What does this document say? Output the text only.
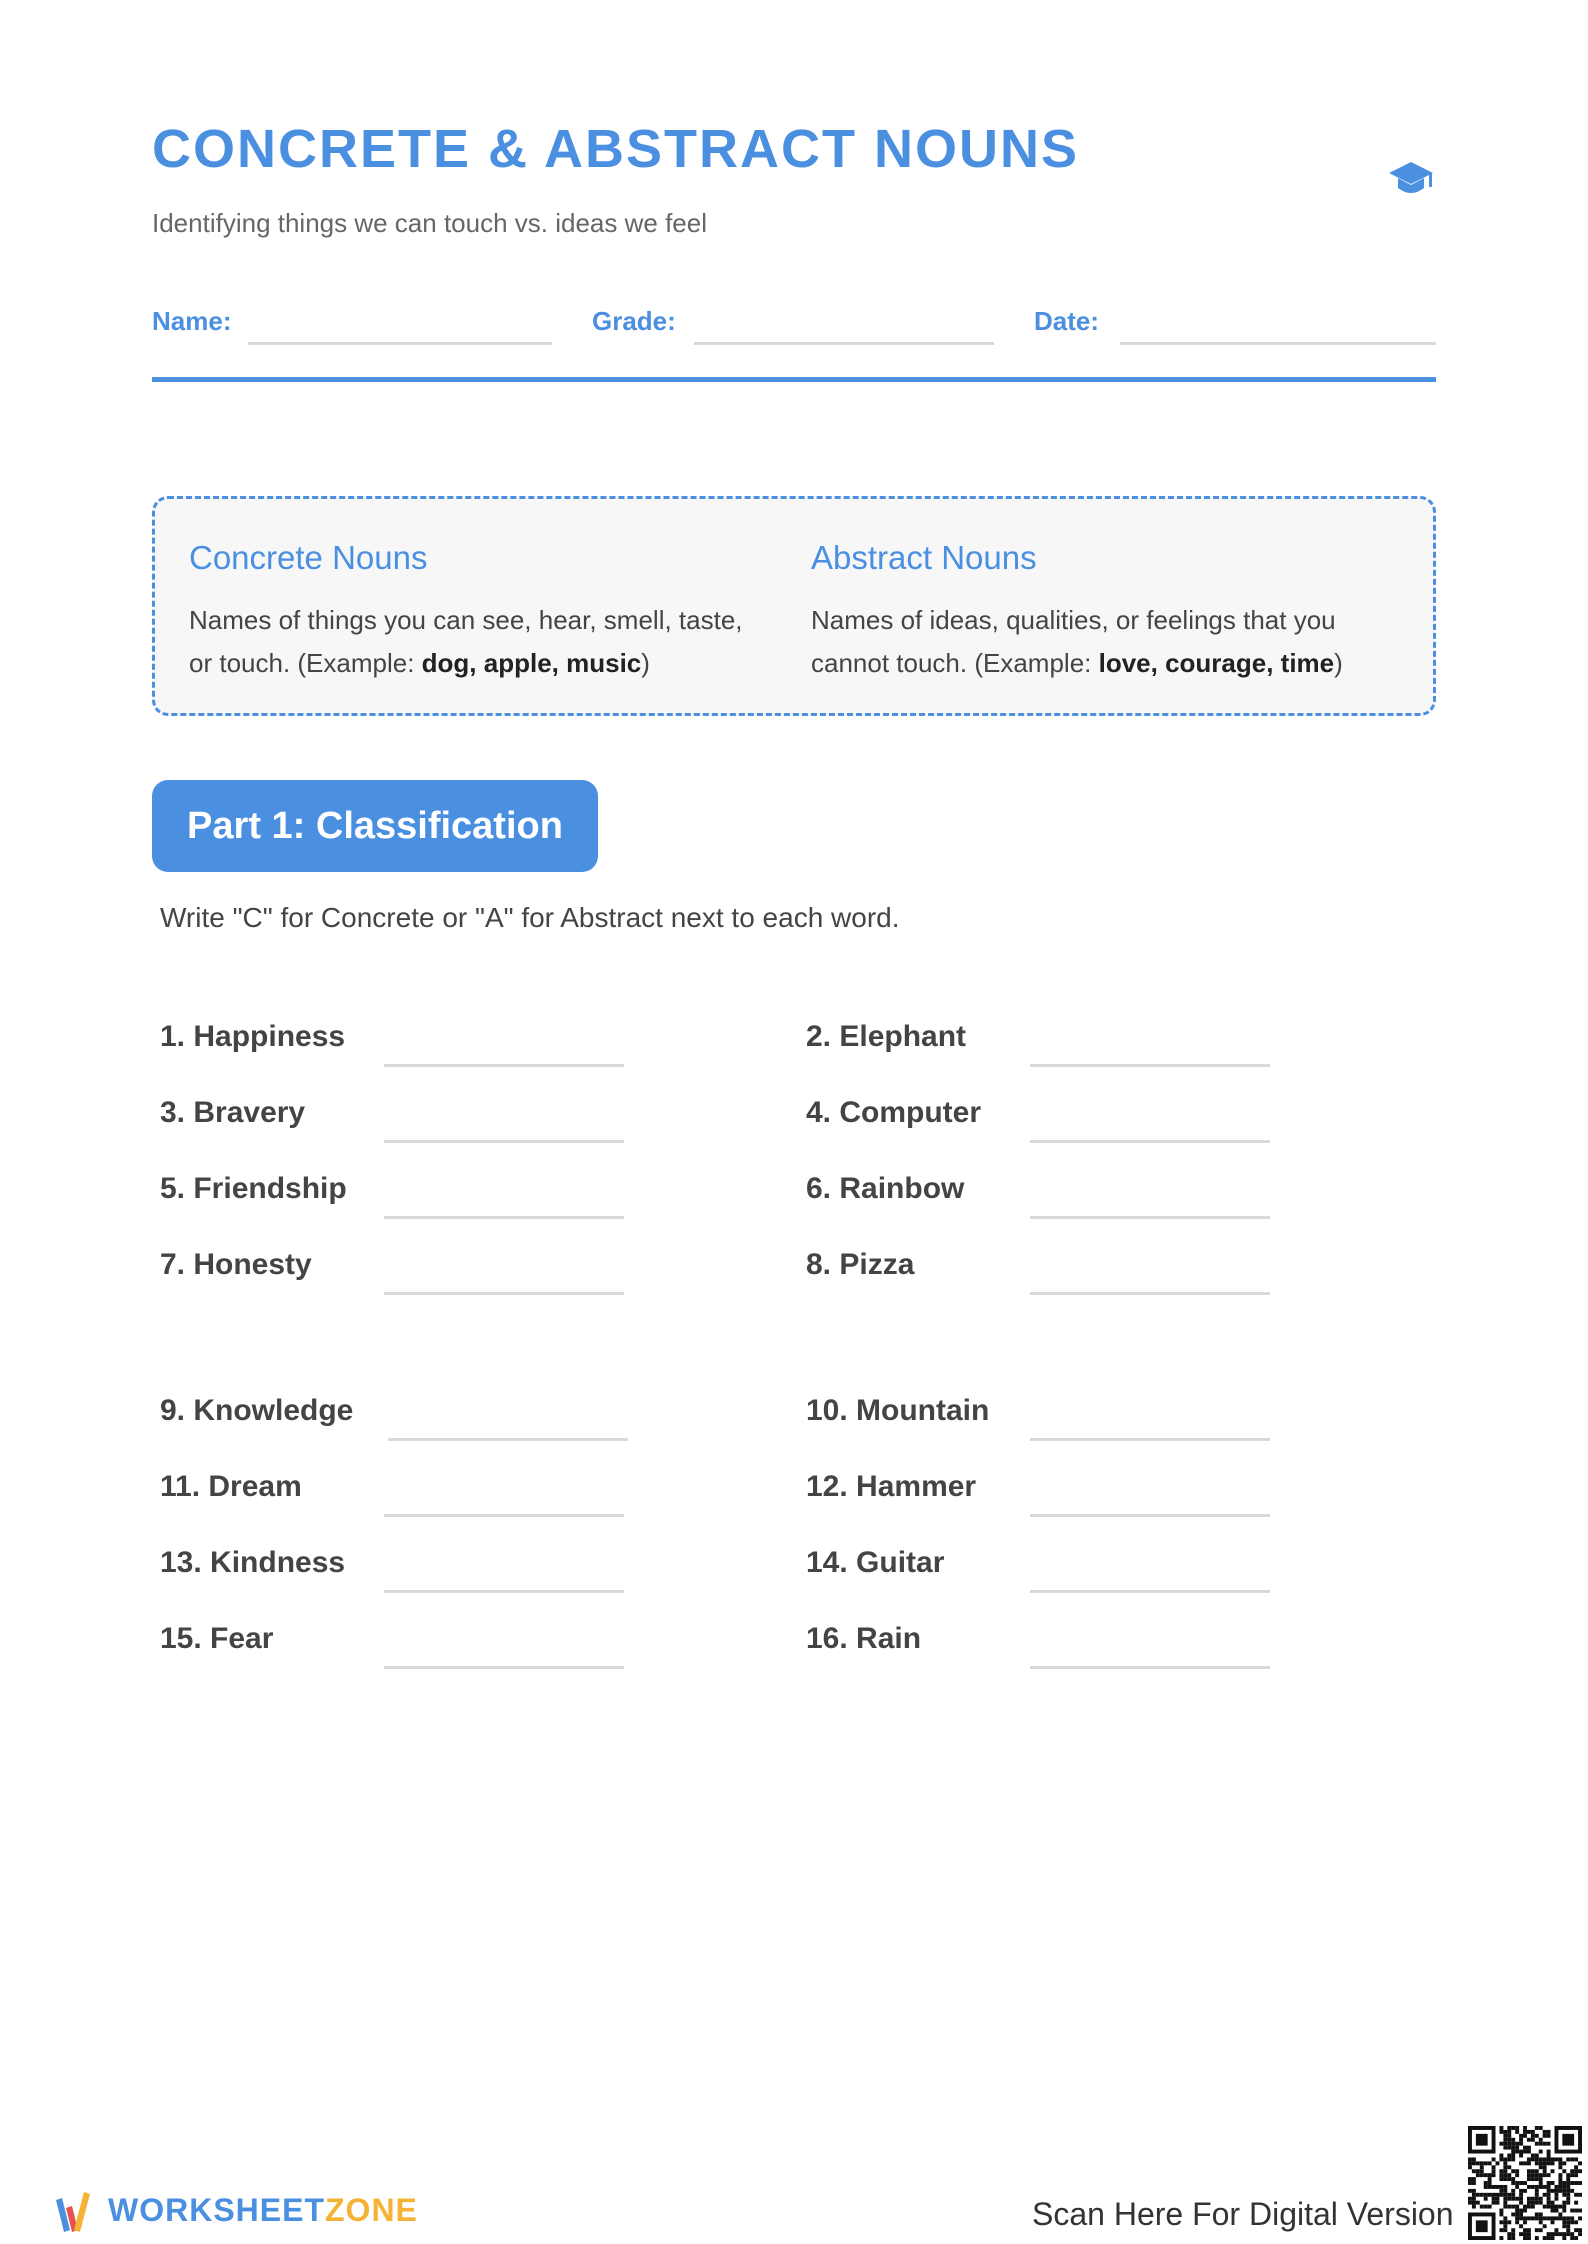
CONCRETE & ABSTRACT NOUNS
Identifying things we can touch vs. ideas we feel
Name:	Grade:	Date:
Concrete Nouns
Names of things you can see, hear, smell, taste, or touch. (Example: dog, apple, music)
Abstract Nouns
Names of ideas, qualities, or feelings that you cannot touch. (Example: love, courage, time)
Part 1: Classification
Write "C" for Concrete or "A" for Abstract next to each word.
1. Happiness	2. Elephant
3. Bravery	4. Computer
5. Friendship	6. Rainbow
7. Honesty	8. Pizza
9. Knowledge	10. Mountain
11. Dream	12. Hammer
13. Kindness	14. Guitar
15. Fear	16. Rain
WORKSHEETZONE	Scan Here For Digital Version
